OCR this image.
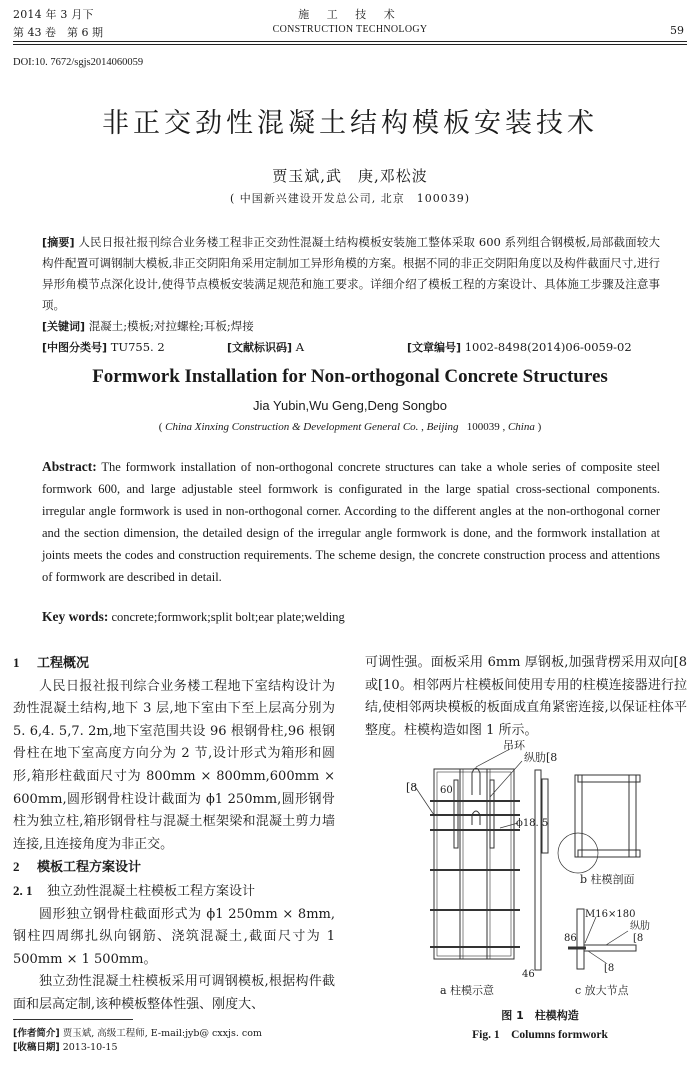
2014 年 3 月下
第 43 卷　第 6 期
施 工 技 术
CONSTRUCTION TECHNOLOGY	59
DOI:10. 7672/sgjs2014060059
非正交劲性混凝土结构模板安装技术
贾玉斌,武　庚,邓松波
( 中国新兴建设开发总公司, 北京　100039)
[摘要] 人民日报社报刊综合业务楼工程非正交劲性混凝土结构模板安装施工整体采取 600 系列组合钢模板,局部截面较大构件配置可调钢制大模板,非正交阴阳角采用定制加工异形角模的方案。根据不同的非正交阴阳角度以及构件截面尺寸,进行异形角模节点深化设计,使得节点模板安装满足规范和施工要求。详细介绍了模板工程的方案设计、具体施工步骤及注意事项。
[关键词] 混凝土;模板;对拉螺栓;耳板;焊接
[中图分类号] TU755. 2	[文献标识码] A	[文章编号] 1002-8498(2014)06-0059-02
Formwork Installation for Non-orthogonal Concrete Structures
Jia Yubin,Wu Geng,Deng Songbo
( China Xinxing Construction & Development General Co. , Beijing 100039 , China )
Abstract: The formwork installation of non-orthogonal concrete structures can take a whole series of composite steel formwork 600, and large adjustable steel formwork is configurated in the large spatial cross-sectional components. irregular angle formwork is used in non-orthogonal corner. According to the different angles at the non-orthogonal corner and the section dimension, the detailed design of the irregular angle formwork is done, and the formwork installation at joints meets the codes and construction requirements. The scheme design, the concrete construction process and attentions of formwork are described in detail.
Key words: concrete;formwork;split bolt;ear plate;welding
1 工程概况

人民日报社报刊综合业务楼工程地下室结构设计为劲性混凝土结构,地下 3 层,地下室由下至上层高分别为 5. 6,4. 5,7. 2m,地下室范围共设 96 根钢骨柱,96 根钢骨柱在地下室高度方向分为 2 节,设计形式为箱形和圆形,箱形柱截面尺寸为 800mm × 800mm,600mm × 600mm,圆形钢骨柱设计截面为 ϕ1 250mm,圆形钢骨柱为独立柱,箱形钢骨柱与混凝土框架梁和混凝土剪力墙连接,且连接角度为非正交。

2 模板工程方案设计
2. 1 独立劲性混凝土柱模板工程方案设计

圆形独立钢骨柱截面形式为 ϕ1 250mm × 8mm,钢柱四周绑扎纵向钢筋、浇筑混凝土,截面尺寸为 1 500mm × 1 500mm。

独立劲性混凝土柱模板采用可调钢模板,根据构件截面和层高定制,该种模板整体性强、刚度大、

可调性强。面板采用 6mm 厚钢板,加强背楞采用双向[8 或[10。相邻两片柱模板间使用专用的柱模连接器进行拉结,使相邻两块模板的板面成直角紧密连接,以保证柱体平整度。柱模构造如图 1 所示。

[8 60
吊环
纵肋[8
ϕ18. 5
46
a 柱模示意
b 柱模剖面
M16×180
纵肋
[8
[8
86
c 放大节点
图 1　柱模构造
Fig. 1　Columns formwork
[作者简介] 贾玉斌, 高级工程师, E-mail:jyb@ cxxjs. com
[收稿日期] 2013-10-15
